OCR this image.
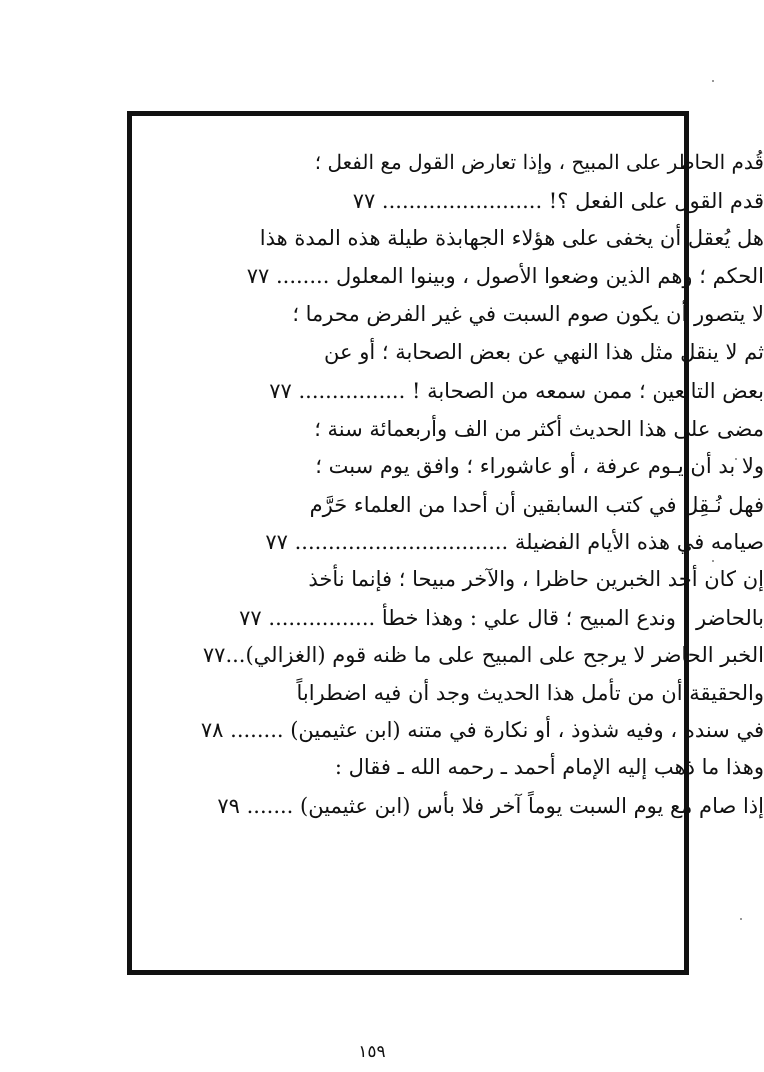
قُدم الحاظر على المبيح ، وإذا تعارض القول مع الفعل ؛
قدم القول على الفعل ؟! ........................ ٧٧
هل يُعقل أن يخفى على هؤلاء الجهابذة طيلة هذه المدة هذا
الحكم ؛ وهم الذين وضعوا الأصول ، وبينوا المعلول ........ ٧٧
لا يتصور أن يكون صوم السبت في غير الفرض محرما ؛
ثم لا ينقل مثل هذا النهي عن بعض الصحابة ؛ أو عن
بعض التابعين ؛ ممن سمعه من الصحابة ! ................ ٧٧
مضى على هذا الحديث أكثر من الف وأربعمائة سنة ؛
ولا بد أن يـوم عرفة ، أو عاشوراء ؛ وافق يوم سبت ؛
فهل نُـقِل في كتب السابقين أن أحدا من العلماء حَرَّم
صيامه في هذه الأيام الفضيلة ................................ ٧٧
إن كان أحد الخبرين حاظرا ، والآخر مبيحا ؛ فإنما نأخذ
بالحاضر ، وندع المبيح ؛ قال علي : وهذا خطأ ................ ٧٧
الخبر الحاضر لا يرجح على المبيح على ما ظنه قوم (الغزالي)...٧٧
والحقيقة أن من تأمل هذا الحديث وجد أن فيه اضطراباً
في سنده ، وفيه شذوذ ، أو نكارة في متنه (ابن عثيمين) ........ ٧٨
وهذا ما ذهب إليه الإمام أحمد ـ رحمه الله ـ فقال :
إذا صام مع يوم السبت يوماً آخر فلا بأس (ابن عثيمين) ....... ٧٩
١٥٩
